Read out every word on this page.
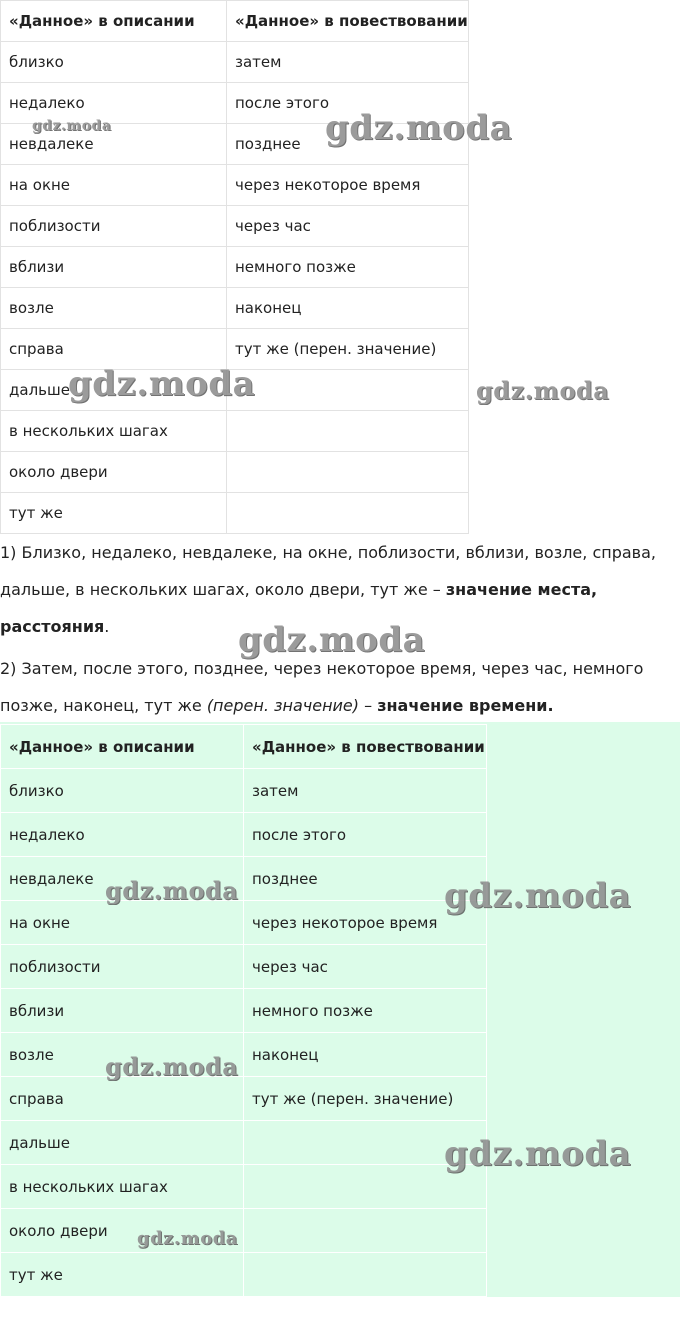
«Данное» в описании	«Данное» в повествовании
близко	затем
недалеко	после этого
невдалеке	позднее
на окне	через некоторое время
поблизости	через час
вблизи	немного позже
возле	наконец
справа	тут же (перен. значение)
дальше	
в нескольких шагах	
около двери	
тут же	

1) Близко, недалеко, невдалеке, на окне, поблизости, вблизи, возле, справа, дальше, в нескольких шагах, около двери, тут же – значение места, расстояния.

2) Затем, после этого, позднее, через некоторое время, через час, немного позже, наконец, тут же (перен. значение) – значение времени.

«Данное» в описании	«Данное» в повествовании
близко	затем
недалеко	после этого
невдалеке	позднее
на окне	через некоторое время
поблизости	через час
вблизи	немного позже
возле	наконец
справа	тут же (перен. значение)
дальше	
в нескольких шагах	
около двери	
тут же	
gdz.moda	gdz.moda
gdz.moda	gdz.moda
gdz.moda
gdz.moda	gdz.moda
gdz.moda
gdz.moda
gdz.moda
